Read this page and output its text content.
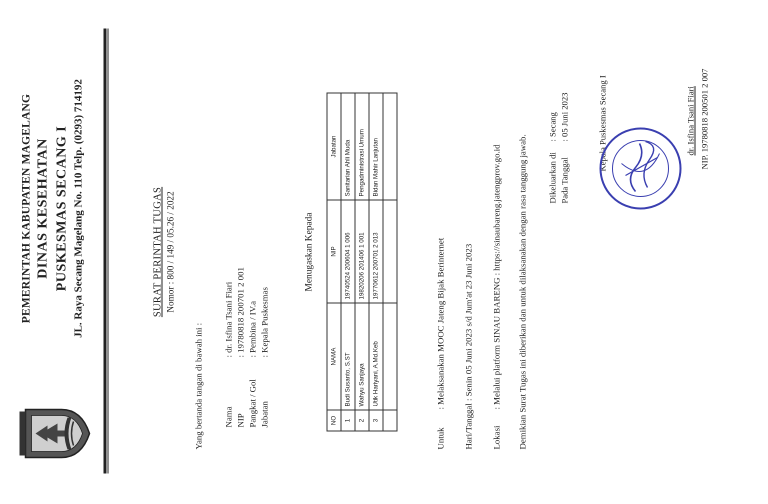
PEMERINTAH KABUPATEN MAGELANG DINAS KESEHATAN PUSKESMAS SECANG I JL. Raya Secang Magelang No. 110 Telp. (0293) 714192	SURAT PERINTAH TUGAS Nomor : 800 / 149 / 05.26 / 2022
Yang bertanda tangan di bawah ini : Nama: dr. Isfina Tsani Fiari
NIP: 19780818 200701 2 001
Pangkat / Gol: Pembina / IV.a
Jabatan: Kepala Puskesmas
Menugaskan Kepada
NO	NAMA	NIP	Jabatan
1	Budi Susanto, S.ST	19740524 200604 1 006	Sanitarian Ahli Muda
2	Wahyu Sanjaya	19820206 201406 1 001	Pengadministrasi Umum
3	Utik Hariyani, A.Md.Keb	19770612 200701 2 013	Bidan Mahir Lanjutan

Untuk: Melaksanakan MOOC Jateng Bijak Berinternet Hari/Tanggal : Senin 05 Juni 2023 s/d Jum'at 23 Juni 2023 Lokasi: Melalui platform SINAU BARENG : https://sinaubareng.jatengprov.go.id Demikian Surat Tugas ini diberikan dan untuk dilaksanakan dengan rasa tanggung jawab. Dikeluarkan di: Secang
Pada Tanggal: 05 Juni 2023	Kepala Puskesmas Secang I	dr. Isfina Tsani Fiari NIP. 19780818 200501 2 007
